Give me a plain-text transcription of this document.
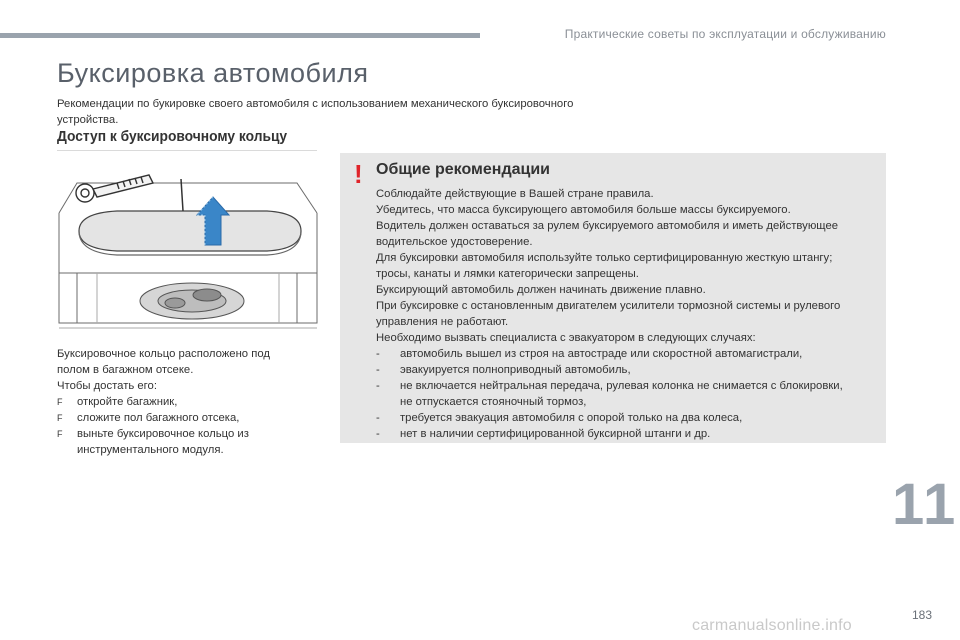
Практические советы по эксплуатации и обслуживанию
Буксировка автомобиля
Рекомендации по букировке своего автомобиля с использованием механического буксировочного устройства.
Доступ к буксировочному кольцу
Буксировочное кольцо расположено под
полом в багажном отсеке.
Чтобы достать его:
F	откройте багажник,
F	сложите пол багажного отсека,
F	выньте буксировочное кольцо из инструментального модуля.
! Общие рекомендации
Соблюдайте действующие в Вашей стране правила.
Убедитесь, что масса буксирующего автомобиля больше массы буксируемого.
Водитель должен оставаться за рулем буксируемого автомобиля и иметь действующее водительское удостоверение.
Для буксировки автомобиля используйте только сертифицированную жесткую штангу; тросы, канаты и лямки категорически запрещены.
Буксирующий автомобиль должен начинать движение плавно.
При буксировке с остановленным двигателем усилители тормозной системы и рулевого управления не работают.
Необходимо вызвать специалиста с эвакуатором в следующих случаях:
-	автомобиль вышел из строя на автостраде или скоростной автомагистрали,
-	эвакуируется полноприводный автомобиль,
-	не включается нейтральная передача, рулевая колонка не снимается с блокировки, не отпускается стояночный тормоз,
-	требуется эвакуация автомобиля с опорой только на два колеса,
-	нет в наличии сертифицированной буксирной штанги и др.
11
183
carmanualsonline.info
